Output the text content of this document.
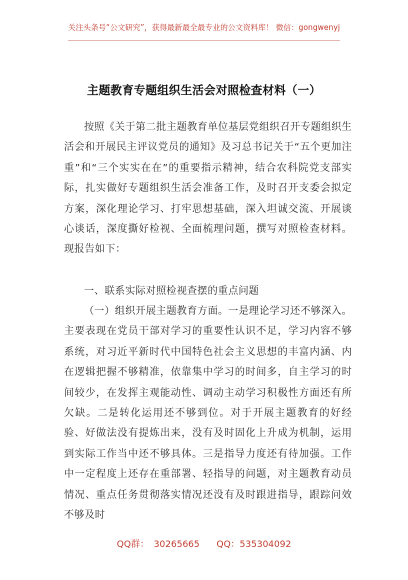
关注头条号“公文研究”，获得最新最全最专业的公文资料库！ 微信：gongwenyj
主题教育专题组织生活会对照检查材料（一）
按照《关于第二批主题教育单位基层党组织召开专题组织生活会和开展民主评议党员的通知》及习总书记关于“五个更加注重”和“三个实实在在”的重要指示精神，结合农科院党支部实际，扎实做好专题组织生活会准备工作，及时召开支委会拟定方案，深化理论学习、打牢思想基础，深入坦诚交流、开展谈心谈话，深度撕好检视、全面梳理问题，撰写对照检查材料。现报告如下：
一、联系实际对照检视查摆的重点问题
（一）组织开展主题教育方面。一是理论学习还不够深入。主要表现在党员干部对学习的重要性认识不足，学习内容不够系统，对习近平新时代中国特色社会主义思想的丰富内涵、内在逻辑把握不够精准，依靠集中学习的时间多，自主学习的时间较少，在发挥主观能动性、调动主动学习积极性方面还有所欠缺。二是转化运用还不够到位。对于开展主题教育的好经验、好做法没有提炼出来，没有及时固化上升成为机制，运用到实际工作当中还不够具体。三是指导力度还有待加强。工作中一定程度上还存在重部署、轻指导的问题，对主题教育动员情况、重点任务贯彻落实情况还没有及时跟进指导，跟踪问效不够及时
QQ群： 30265665 QQ：535304092
